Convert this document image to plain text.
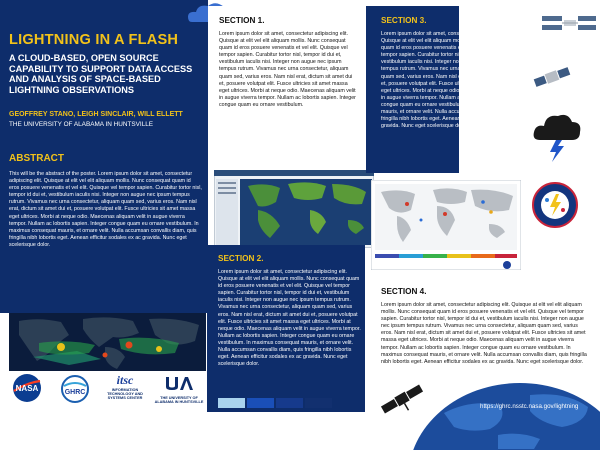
LIGHTNING IN A FLASH
A CLOUD-BASED, OPEN SOURCE CAPABILITY TO SUPPORT DATA ACCESS AND ANALYSIS OF SPACE-BASED LIGHTNING OBSERVATIONS
GEOFFREY STANO, LEIGH SINCLAIR, WILL ELLETT
THE UNIVERSITY OF ALABAMA IN HUNTSVILLE
ABSTRACT

This will be the abstract of the poster. Lorem ipsum dolor sit amet, consectetur adipiscing elit. Quisque at elit vel elit aliquam mollis. Nunc consequat quam id eros posuere venenatis et vel elit. Quisque vel tempor sapien. Curabitur tortor nisl, tempor id dui et, vestibulum iaculis nisi. Integer non augue nec ipsum tempus rutrum. Vivamus nec urna consectetur, aliquam quam sed, varius eros. Nam nisl erat, dictum sit amet dui et, posuere volutpat elit. Fusce ultricies sit amet massa eget ultrices. Morbi at neque odio. Maecenas aliquam velit in augue viverra tempor. Nullam ac lobortis sapien. Integer congue quam eu ornare vestibulum. In maximus consequat mauris, et ornare velit. Nulla accumsan convallis diam, quis fringilla nibh lobortis eget. Aenean efficitur sodales ex ac gravida. Nunc eget scelerisque dolor.

SECTION 1.

Lorem ipsum dolor sit amet, consectetur adipiscing elit. Quisque at elit vel elit aliquam mollis. Nunc consequat quam id eros posuere venenatis et vel elit. Quisque vel tempor sapien. Curabitur tortor nisl, tempor id dui et, vestibulum iaculis nisi. Integer non augue nec ipsum tempus rutrum. Vivamus nec urna consectetur, aliquam quam sed, varius eros. Nam nisl erat, dictum sit amet dui et, posuere volutpat elit. Fusce ultricies sit amet massa eget ultrices. Morbi at neque odio. Maecenas aliquam velit in augue viverra tempor. Nullam ac lobortis sapien. Integer congue quam eu ornare vestibulum.

SECTION 3.

Lorem ipsum dolor sit amet, consectetur adipiscing elit. Quisque at elit vel elit aliquam mollis. Nunc consequat quam id eros posuere venenatis et vel elit. Quisque vel tempor sapien. Curabitur tortor nisl, tempor id dui et, vestibulum iaculis nisi. Integer non augue nec ipsum tempus rutrum. Vivamus nec urna consectetur, aliquam quam sed, varius eros. Nam nisl erat, dictum sit amet dui et, posuere volutpat elit. Fusce ultricies sit amet massa eget ultrices. Morbi at neque odio. Maecenas aliquam velit in augue viverra tempor. Nullam ac lobortis sapien. Integer congue quam eu ornare vestibulum. In maximus consequat mauris, et ornare velit. Nulla accumsan convallis diam, quis fringilla nibh lobortis eget. Aenean efficitur sodales ex ac gravida. Nunc eget scelerisque dolor.

SECTION 2.

Lorem ipsum dolor sit amet, consectetur adipiscing elit. Quisque at elit vel elit aliquam mollis. Nunc consequat quam id eros posuere venenatis et vel elit. Quisque vel tempor sapien. Curabitur tortor nisl, tempor id dui et, vestibulum iaculis nisi. Integer non augue nec ipsum tempus rutrum. Vivamus nec urna consectetur, aliquam quam sed, varius eros. Nam nisl erat, dictum sit amet dui et, posuere volutpat elit. Fusce ultricies sit amet massa eget ultrices. Morbi at neque odio. Maecenas aliquam velit in augue viverra tempor. Nullam ac lobortis sapien. Integer congue quam eu ornare vestibulum. In maximus consequat mauris, et ornare velit. Nulla accumsan convallis diam, quis fringilla nibh lobortis eget. Aenean efficitur sodales ex ac gravida. Nunc eget scelerisque dolor.

SECTION 4.

Lorem ipsum dolor sit amet, consectetur adipiscing elit. Quisque at elit vel elit aliquam mollis. Nunc consequat quam id eros posuere venenatis et vel elit. Quisque vel tempor sapien. Curabitur tortor nisl, tempor id dui et, vestibulum iaculis nisi. Integer non augue nec ipsum tempus rutrum. Vivamus nec urna consectetur, aliquam quam sed, varius eros. Nam nisl erat, dictum sit amet dui et, posuere volutpat elit. Fusce ultricies sit amet massa eget ultrices. Morbi at neque odio. Maecenas aliquam velit in augue viverra tempor. Nullam ac lobortis sapien. Integer congue quam eu ornare vestibulum. In maximus consequat mauris, et ornare velit. Nulla accumsan convallis diam, quis fringilla nibh lobortis eget. Aenean efficitur sodales ex ac gravida. Nunc eget scelerisque dolor.

https://ghrc.nsstc.nasa.gov/lightning
NASA	GHRC
itsc
INFORMATION TECHNOLOGY AND SYSTEMS CENTER	THE UNIVERSITY OF ALABAMA IN HUNTSVILLE
